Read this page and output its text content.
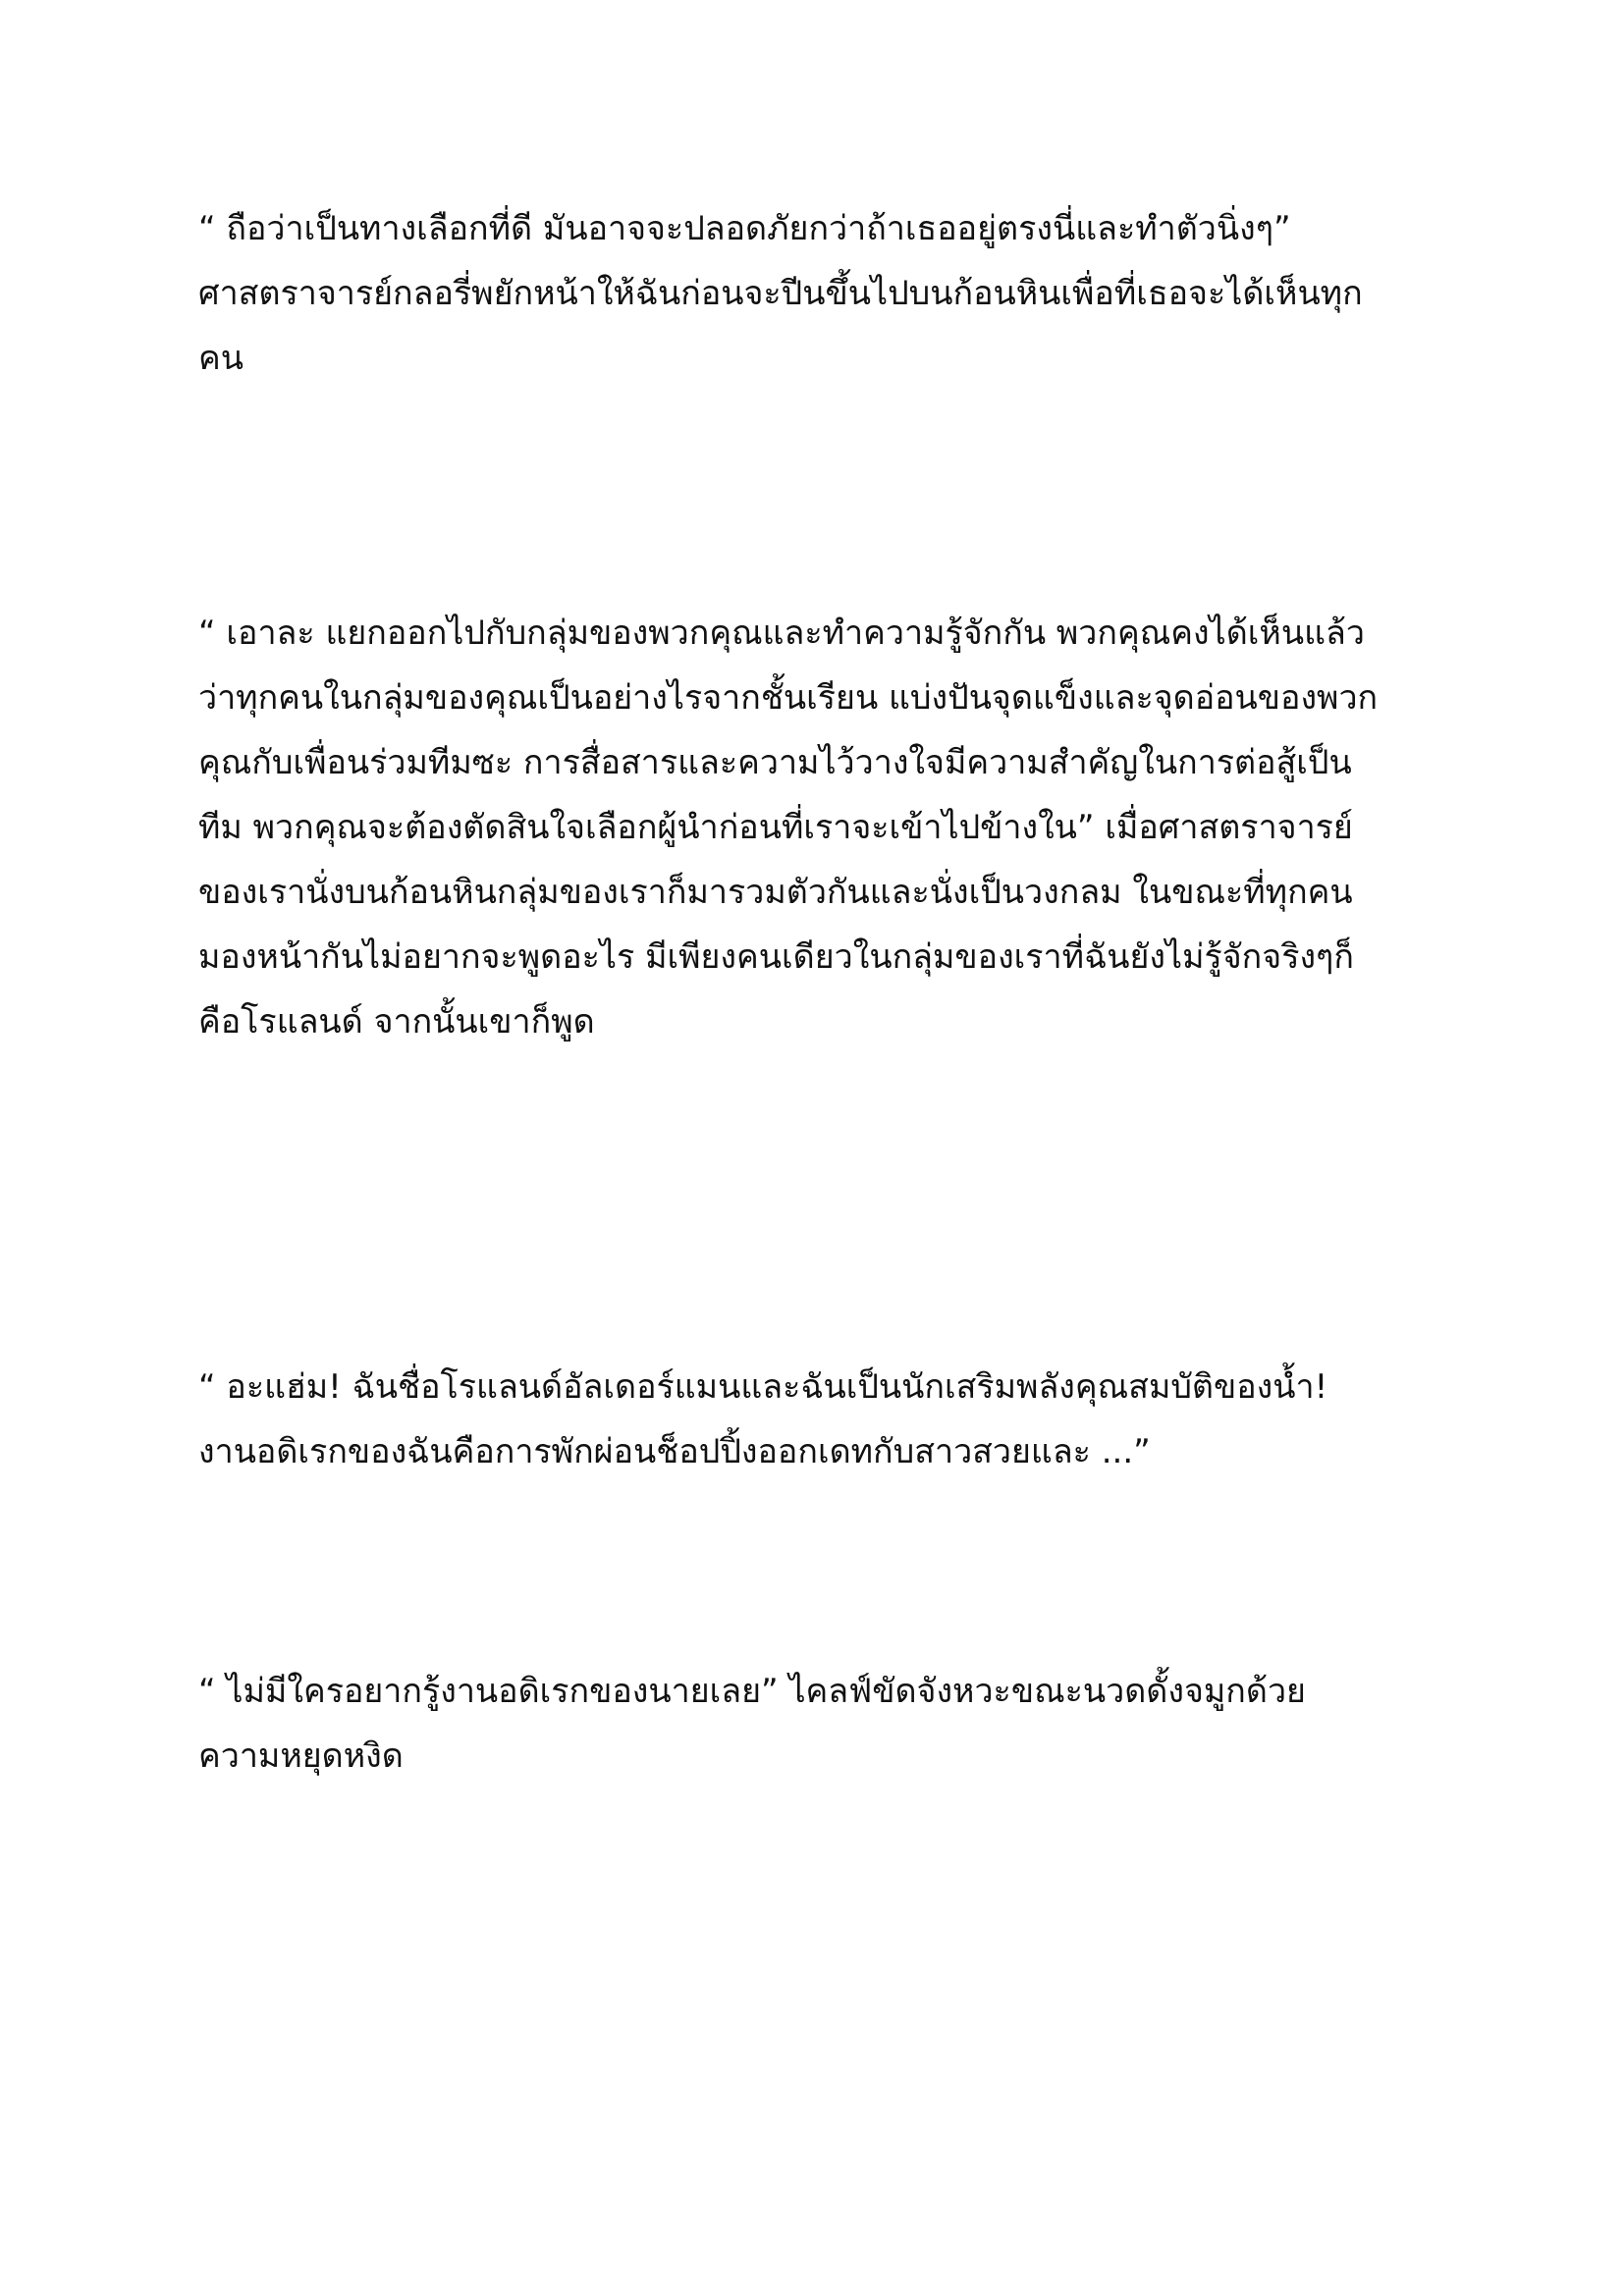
“ ถือว่าเป็นทางเลือกที่ดี มันอาจจะปลอดภัยกว่าถ้าเธออยู่ตรงนี่และทำตัวนิ่งๆ”
ศาสตราจารย์กลอรี่พยักหน้าให้ฉันก่อนจะปีนขึ้นไปบนก้อนหินเพื่อที่เธอจะได้เห็นทุก
คน
“ เอาละ แยกออกไปกับกลุ่มของพวกคุณและทำความรู้จักกัน พวกคุณคงได้เห็นแล้ว
ว่าทุกคนในกลุ่มของคุณเป็นอย่างไรจากชั้นเรียน แบ่งปันจุดแข็งและจุดอ่อนของพวก
คุณกับเพื่อนร่วมทีมซะ การสื่อสารและความไว้วางใจมีความสำคัญในการต่อสู้เป็น
ทีม พวกคุณจะต้องตัดสินใจเลือกผู้นำก่อนที่เราจะเข้าไปข้างใน” เมื่อศาสตราจารย์
ของเรานั่งบนก้อนหินกลุ่มของเราก็มารวมตัวกันและนั่งเป็นวงกลม ในขณะที่ทุกคน
มองหน้ากันไม่อยากจะพูดอะไร มีเพียงคนเดียวในกลุ่มของเราที่ฉันยังไม่รู้จักจริงๆก็
คือโรแลนด์ จากนั้นเขาก็พูด
“ อะแฮ่ม! ฉันชื่อโรแลนด์อัลเดอร์แมนและฉันเป็นนักเสริมพลังคุณสมบัติของน้ำ!
งานอดิเรกของฉันคือการพักผ่อนช็อปปิ้งออกเดทกับสาวสวยและ ...”
“ ไม่มีใครอยากรู้งานอดิเรกของนายเลย” ไคลฟ์ขัดจังหวะขณะนวดดั้งจมูกด้วย
ความหยุดหงิด
